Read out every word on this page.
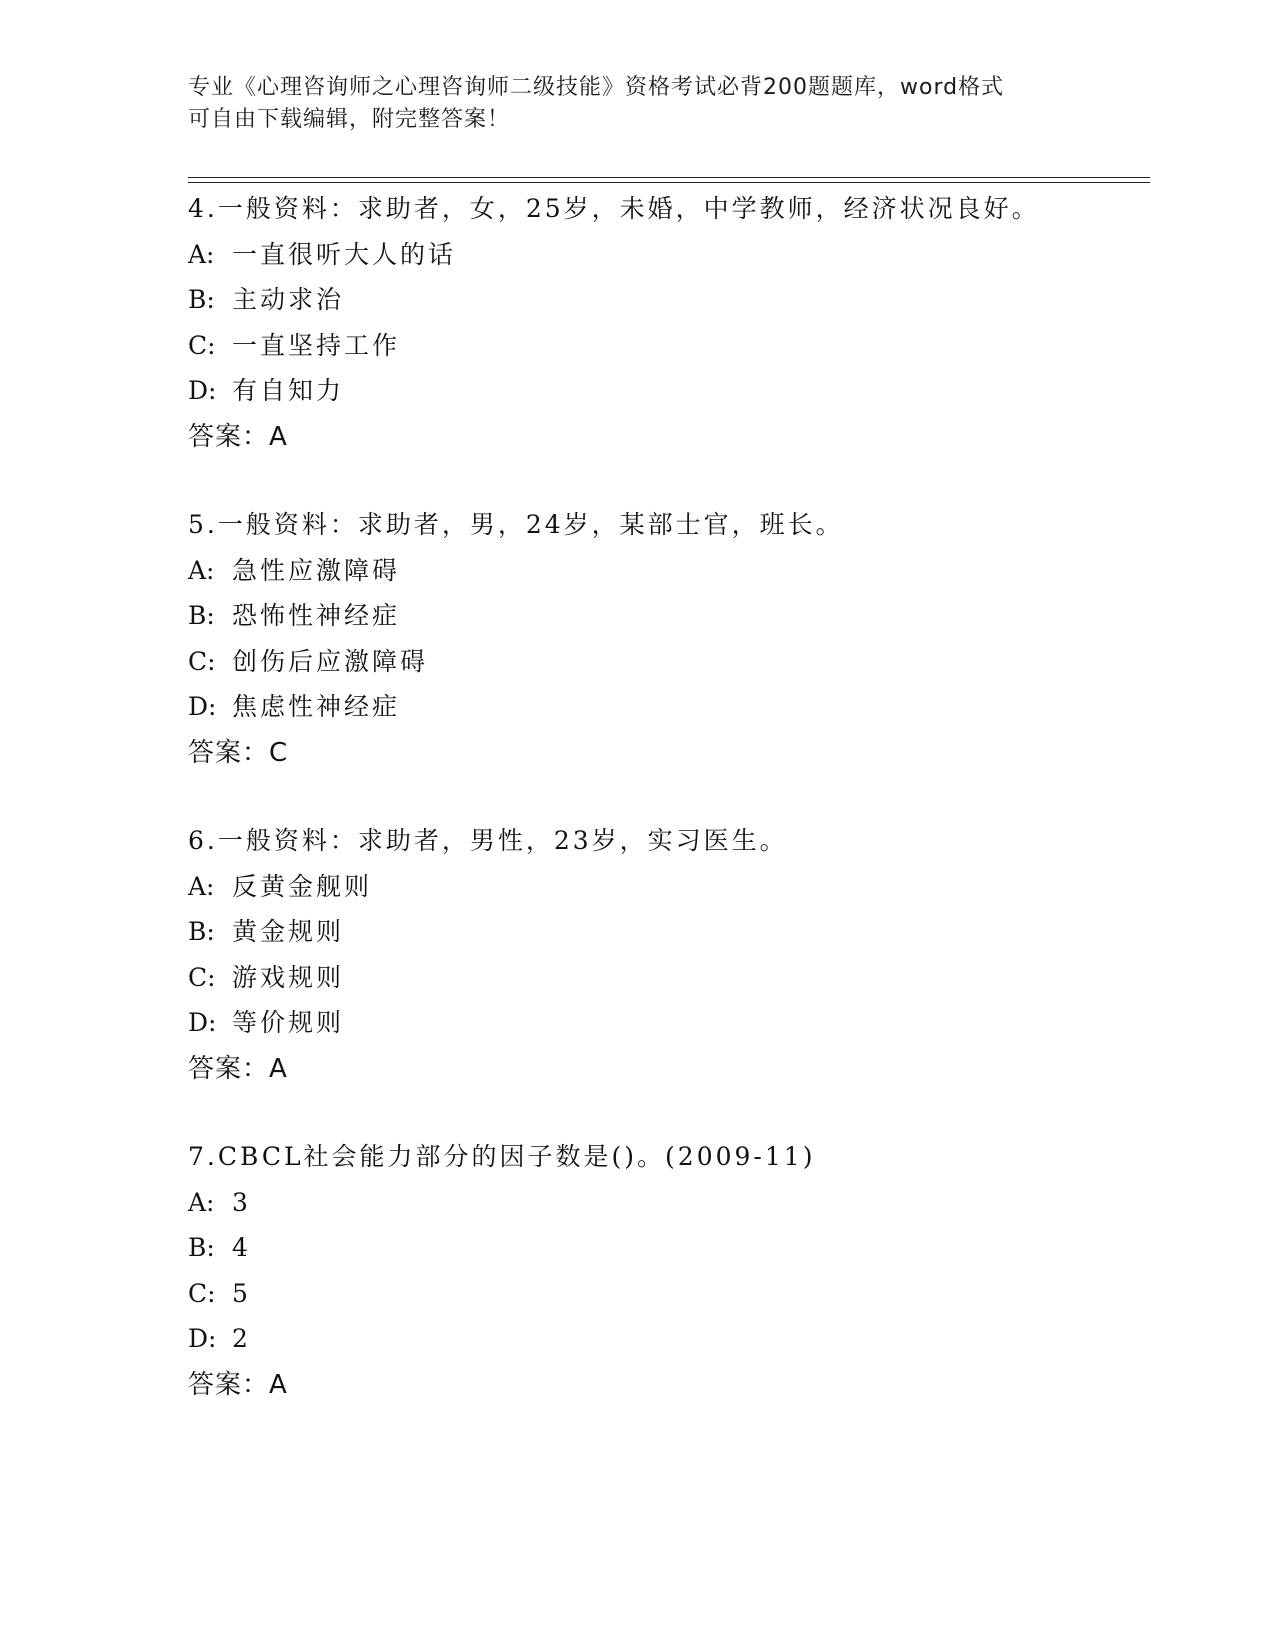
专业《心理咨询师之心理咨询师二级技能》资格考试必背200题题库，word格式
可自由下载编辑，附完整答案！
4.一般资料：求助者，女，25岁，未婚，中学教师，经济状况良好。
A: 一直很听大人的话
B: 主动求治
C: 一直坚持工作
D: 有自知力
答案：A
5.一般资料：求助者，男，24岁，某部士官，班长。
A: 急性应激障碍
B: 恐怖性神经症
C: 创伤后应激障碍
D: 焦虑性神经症
答案：C
6.一般资料：求助者，男性，23岁，实习医生。
A: 反黄金舰则
B: 黄金规则
C: 游戏规则
D: 等价规则
答案：A
7.CBCL社会能力部分的因子数是()。(2009-11)
A: 3
B: 4
C: 5
D: 2
答案：A
